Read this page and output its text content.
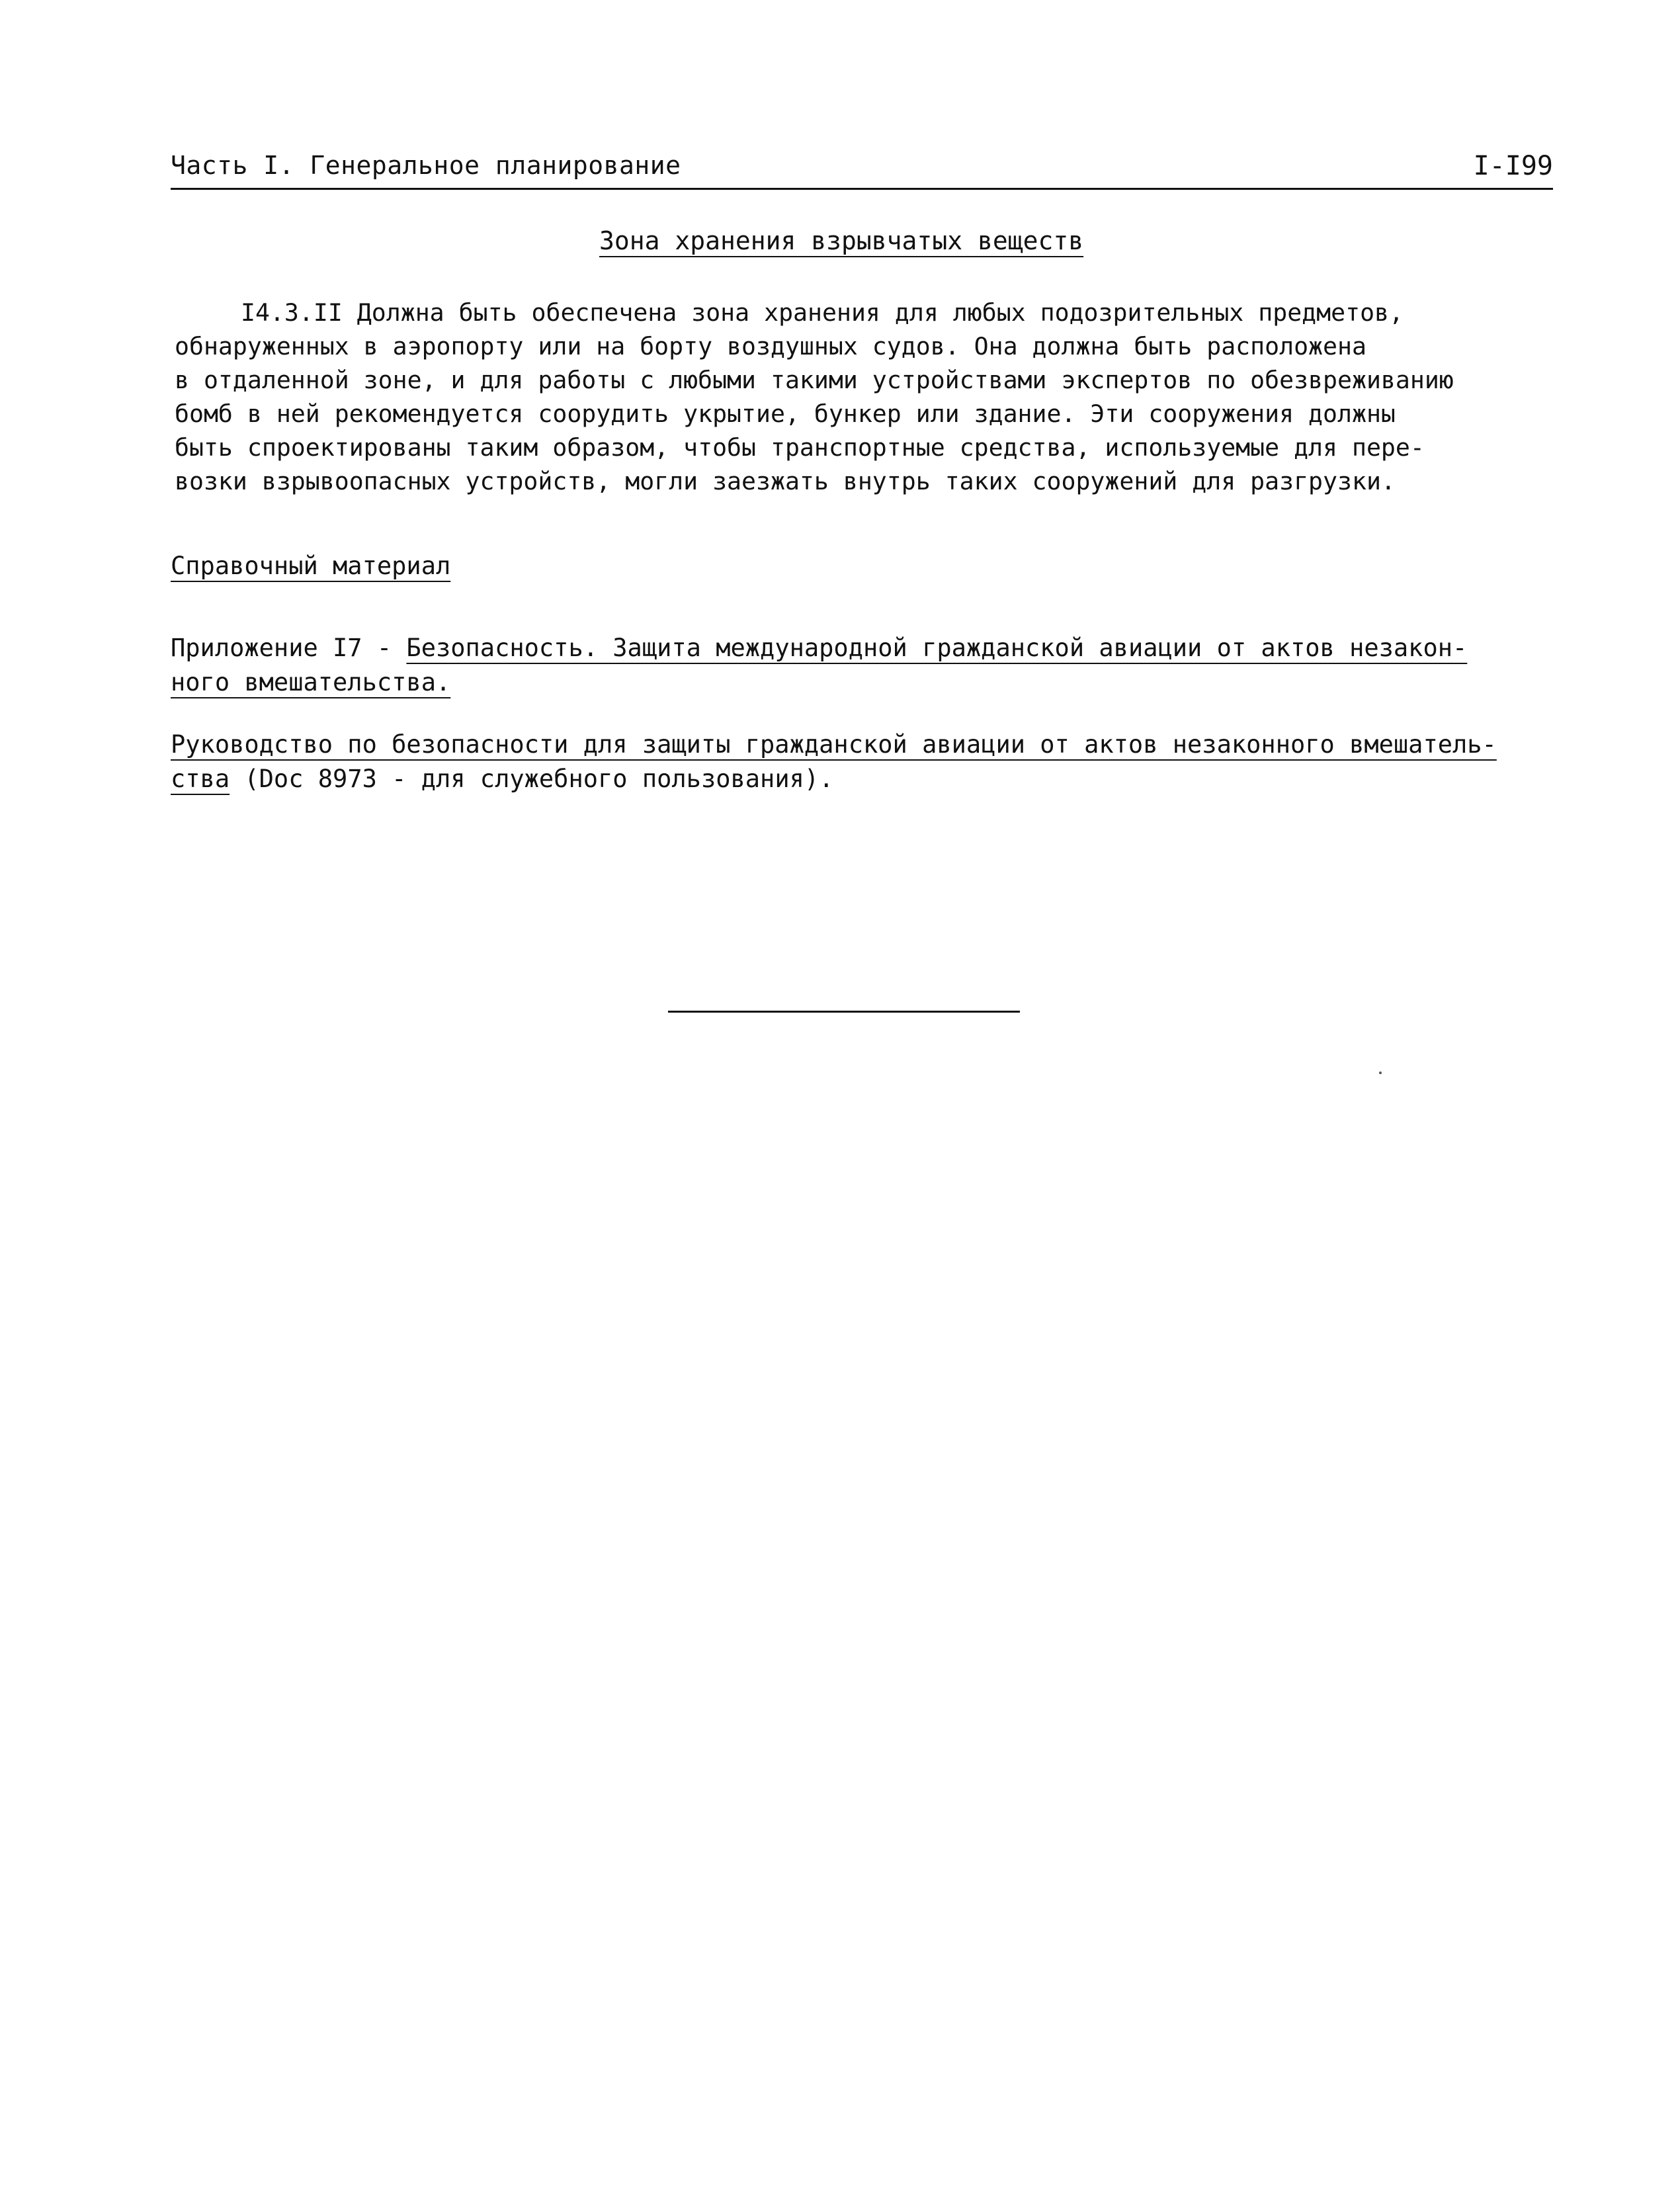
Часть I. Генеральное планирование	I-I99
Зона хранения взрывчатых веществ
I4.3.II Должна быть обеспечена зона хранения для любых подозрительных предметов,
обнаруженных в аэропорту или на борту воздушных судов. Она должна быть расположена
в отдаленной зоне, и для работы с любыми такими устройствами экспертов по обезвреживанию
бомб в ней рекомендуется соорудить укрытие, бункер или здание. Эти сооружения должны
быть спроектированы таким образом, чтобы транспортные средства, используемые для пере-
возки взрывоопасных устройств, могли заезжать внутрь таких сооружений для разгрузки.
Справочный материал
Приложение I7 - Безопасность. Защита международной гражданской авиации от актов незакон-
ного вмешательства.
Руководство по безопасности для защиты гражданской авиации от актов незаконного вмешатель-
ства (Doc 8973 - для служебного пользования).
